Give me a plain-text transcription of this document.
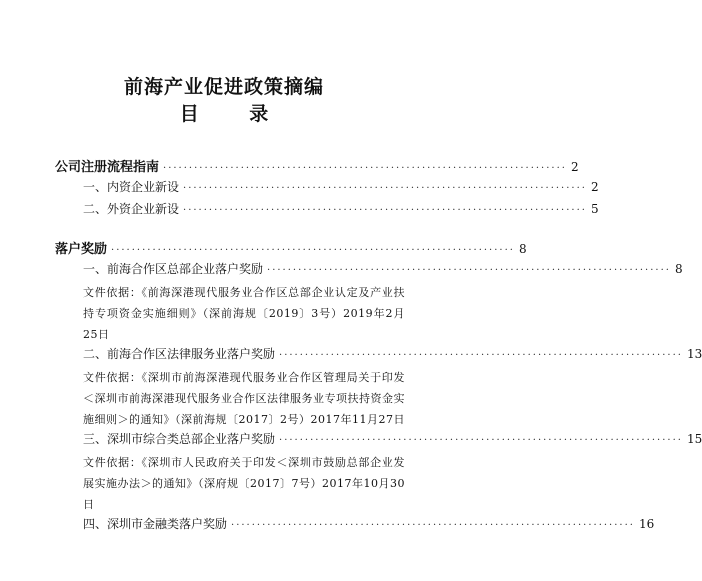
前海产业促进政策摘编
目 录
公司注册流程指南 ·············································································· 2
一、内资企业新设 ·············································································· 2
二、外资企业新设 ·············································································· 5
落户奖励 ·············································································· 8
一、前海合作区总部企业落户奖励 ·············································································· 8
文件依据：《前海深港现代服务业合作区总部企业认定及产业扶持专项资金实施细则》（深前海规〔2019〕3号）2019年2月25日
二、前海合作区法律服务业落户奖励 ·············································································· 13
文件依据：《深圳市前海深港现代服务业合作区管理局关于印发＜深圳市前海深港现代服务业合作区法律服务业专项扶持资金实施细则＞的通知》（深前海规〔2017〕2号）2017年11月27日
三、深圳市综合类总部企业落户奖励 ·············································································· 15
文件依据：《深圳市人民政府关于印发＜深圳市鼓励总部企业发展实施办法＞的通知》（深府规〔2017〕7号）2017年10月30日
四、深圳市金融类落户奖励 ·············································································· 16
